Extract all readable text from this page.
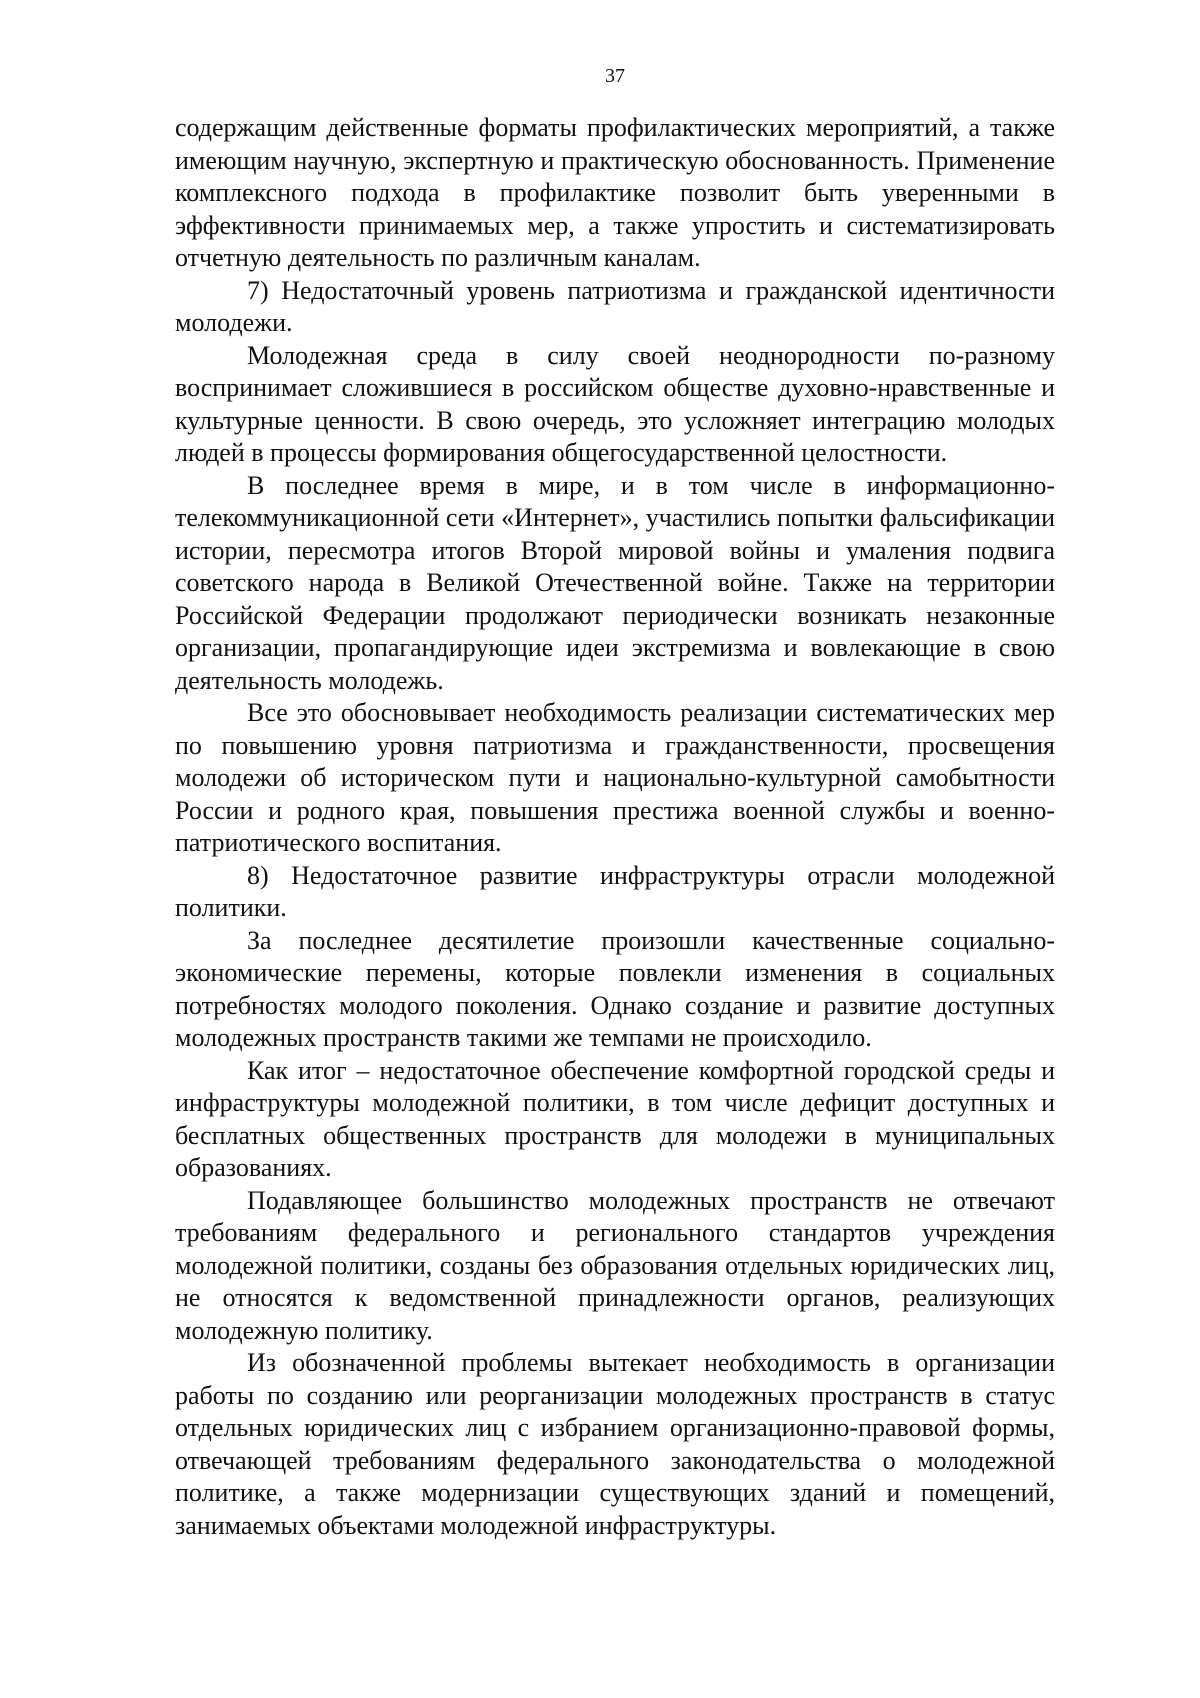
37

содержащим действенные форматы профилактических мероприятий, а также имеющим научную, экспертную и практическую обоснованность. Применение комплексного подхода в профилактике позволит быть уверенными в эффективности принимаемых мер, а также упростить и систематизировать отчетную деятельность по различным каналам.

7) Недостаточный уровень патриотизма и гражданской идентичности молодежи.

Молодежная среда в силу своей неоднородности по-разному воспринимает сложившиеся в российском обществе духовно-нравственные и культурные ценности. В свою очередь, это усложняет интеграцию молодых людей в процессы формирования общегосударственной целостности.

В последнее время в мире, и в том числе в информационно-телекоммуникационной сети «Интернет», участились попытки фальсификации истории, пересмотра итогов Второй мировой войны и умаления подвига советского народа в Великой Отечественной войне. Также на территории Российской Федерации продолжают периодически возникать незаконные организации, пропагандирующие идеи экстремизма и вовлекающие в свою деятельность молодежь.

Все это обосновывает необходимость реализации систематических мер по повышению уровня патриотизма и гражданственности, просвещения молодежи об историческом пути и национально-культурной самобытности России и родного края, повышения престижа военной службы и военно-патриотического воспитания.

8) Недостаточное развитие инфраструктуры отрасли молодежной политики.

За последнее десятилетие произошли качественные социально-экономические перемены, которые повлекли изменения в социальных потребностях молодого поколения. Однако создание и развитие доступных молодежных пространств такими же темпами не происходило.

Как итог – недостаточное обеспечение комфортной городской среды и инфраструктуры молодежной политики, в том числе дефицит доступных и бесплатных общественных пространств для молодежи в муниципальных образованиях.

Подавляющее большинство молодежных пространств не отвечают требованиям федерального и регионального стандартов учреждения молодежной политики, созданы без образования отдельных юридических лиц, не относятся к ведомственной принадлежности органов, реализующих молодежную политику.

Из обозначенной проблемы вытекает необходимость в организации работы по созданию или реорганизации молодежных пространств в статус отдельных юридических лиц с избранием организационно-правовой формы, отвечающей требованиям федерального законодательства о молодежной политике, а также модернизации существующих зданий и помещений, занимаемых объектами молодежной инфраструктуры.
